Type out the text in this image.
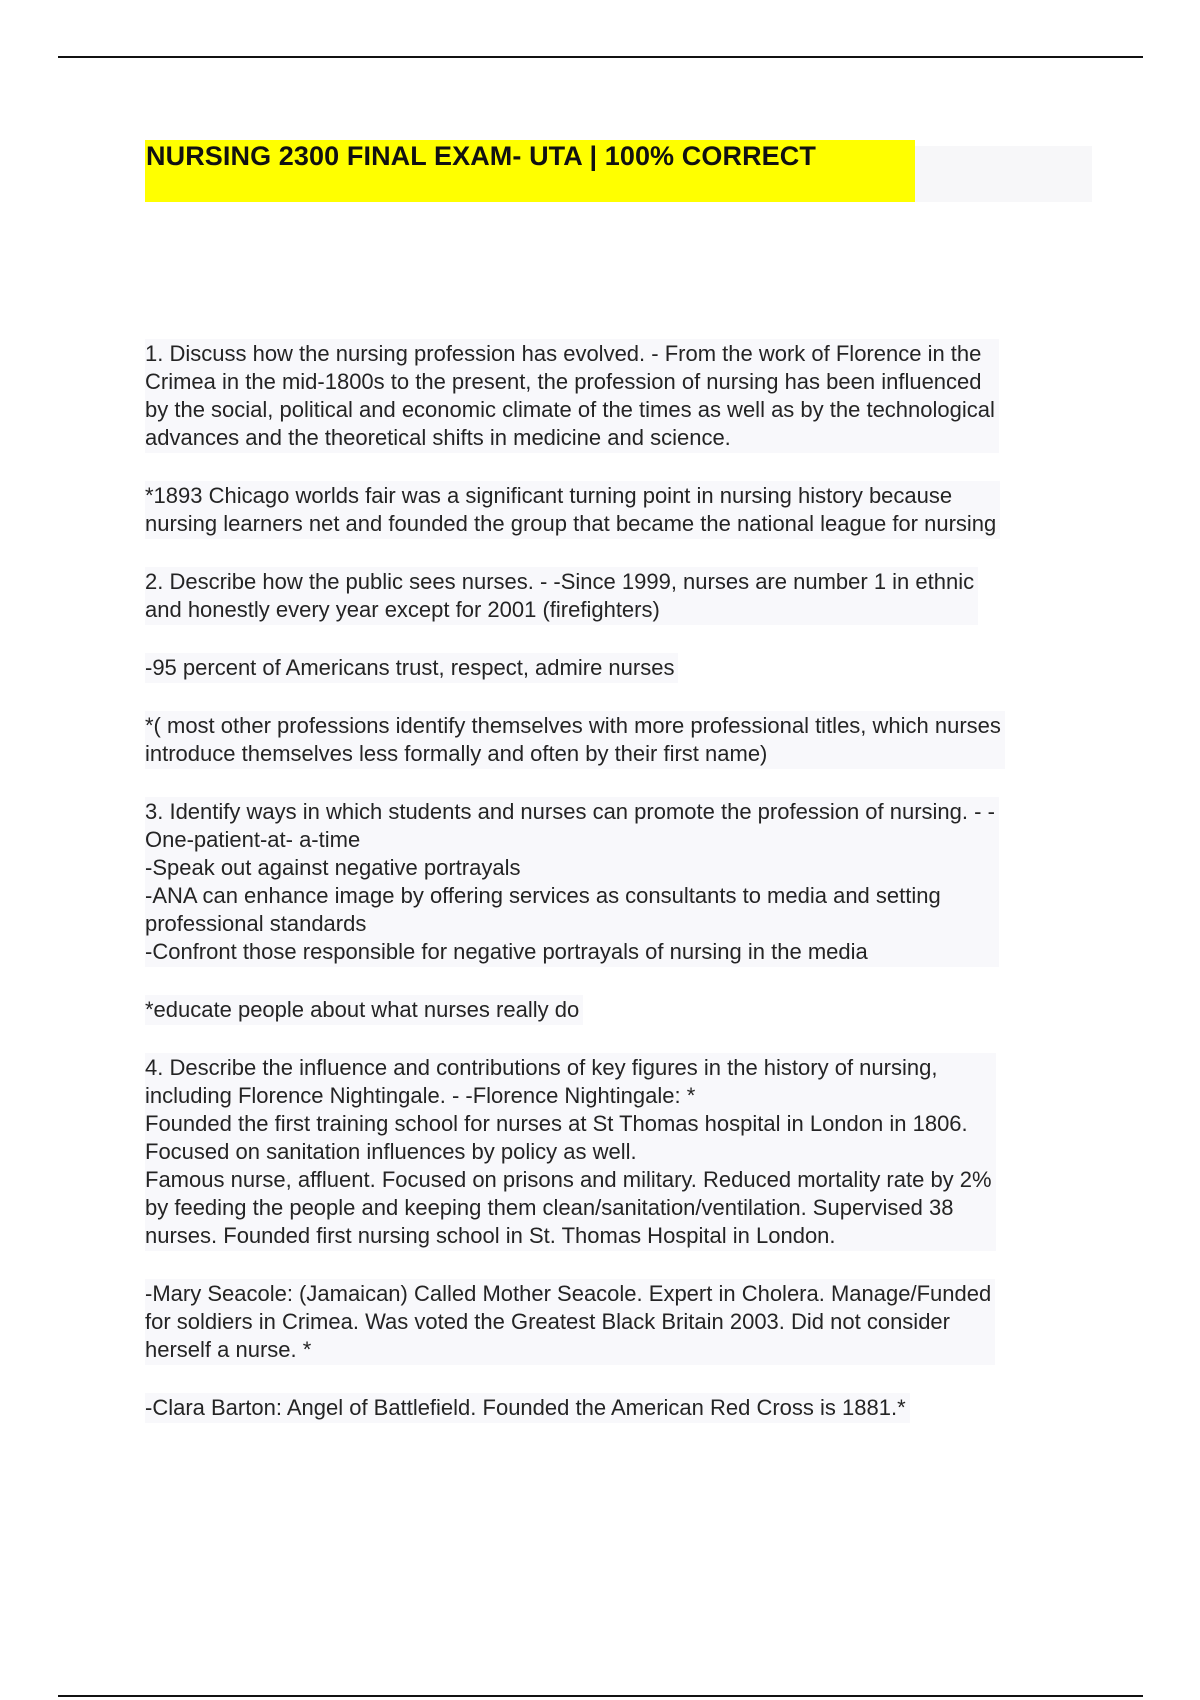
NURSING 2300 FINAL EXAM- UTA | 100% CORRECT
1. Discuss how the nursing profession has evolved. - From the work of Florence in the
Crimea in the mid-1800s to the present, the profession of nursing has been influenced
by the social, political and economic climate of the times as well as by the technological
advances and the theoretical shifts in medicine and science.
*1893 Chicago worlds fair was a significant turning point in nursing history because
nursing learners net and founded the group that became the national league for nursing
2. Describe how the public sees nurses. - -Since 1999, nurses are number 1 in ethnic
and honestly every year except for 2001 (firefighters)
-95 percent of Americans trust, respect, admire nurses
*( most other professions identify themselves with more professional titles, which nurses
introduce themselves less formally and often by their first name)
3. Identify ways in which students and nurses can promote the profession of nursing. - -
One-patient-at- a-time
-Speak out against negative portrayals
-ANA can enhance image by offering services as consultants to media and setting
professional standards
-Confront those responsible for negative portrayals of nursing in the media
*educate people about what nurses really do
4. Describe the influence and contributions of key figures in the history of nursing,
including Florence Nightingale. - -Florence Nightingale: *
Founded the first training school for nurses at St Thomas hospital in London in 1806.
Focused on sanitation influences by policy as well.
Famous nurse, affluent. Focused on prisons and military. Reduced mortality rate by 2%
by feeding the people and keeping them clean/sanitation/ventilation. Supervised 38
nurses. Founded first nursing school in St. Thomas Hospital in London.
-Mary Seacole: (Jamaican) Called Mother Seacole. Expert in Cholera. Manage/Funded
for soldiers in Crimea. Was voted the Greatest Black Britain 2003. Did not consider
herself a nurse. *
-Clara Barton: Angel of Battlefield. Founded the American Red Cross is 1881.*
